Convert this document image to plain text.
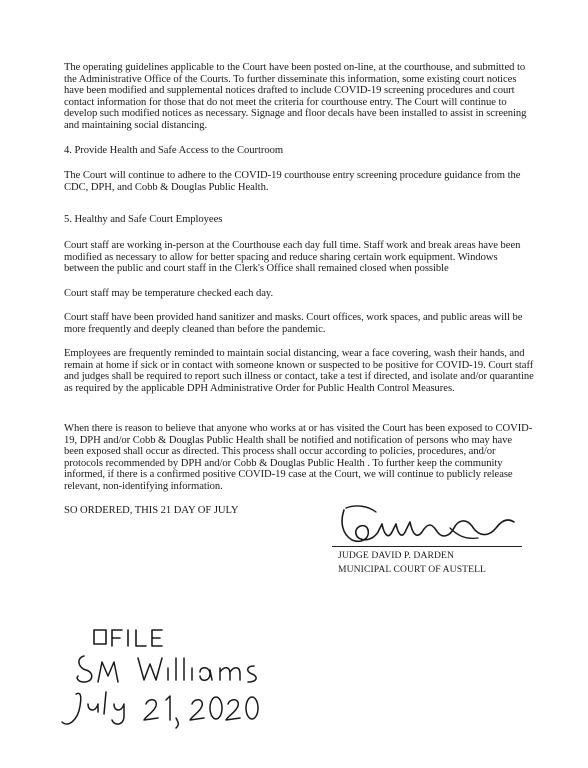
The operating guidelines applicable to the Court have been posted on-line, at the courthouse, and submitted to the Administrative Office of the Courts. To further disseminate this information, some existing court notices have been modified and supplemental notices drafted to include COVID-19 screening procedures and court contact information for those that do not meet the criteria for courthouse entry. The Court will continue to develop such modified notices as necessary. Signage and floor decals have been installed to assist in screening and maintaining social distancing.

4. Provide Health and Safe Access to the Courtroom

The Court will continue to adhere to the COVID-19 courthouse entry screening procedure guidance from the CDC, DPH, and Cobb & Douglas Public Health.

5. Healthy and Safe Court Employees

Court staff are working in-person at the Courthouse each day full time. Staff work and break areas have been modified as necessary to allow for better spacing and reduce sharing certain work equipment. Windows between the public and court staff in the Clerk's Office shall remained closed when possible

Court staff may be temperature checked each day.

Court staff have been provided hand sanitizer and masks. Court offices, work spaces, and public areas will be more frequently and deeply cleaned than before the pandemic.

Employees are frequently reminded to maintain social distancing, wear a face covering, wash their hands, and remain at home if sick or in contact with someone known or suspected to be positive for COVID-19. Court staff and judges shall be required to report such illness or contact, take a test if directed, and isolate and/or quarantine as required by the applicable DPH Administrative Order for Public Health Control Measures.

When there is reason to believe that anyone who works at or has visited the Court has been exposed to COVID-19, DPH and/or Cobb & Douglas Public Health shall be notified and notification of persons who may have been exposed shall occur as directed. This process shall occur according to policies, procedures, and/or protocols recommended by DPH and/or Cobb & Douglas Public Health . To further keep the community informed, if there is a confirmed positive COVID-19 case at the Court, we will continue to publicly release relevant, non-identifying information.

SO ORDERED, THIS 21 DAY OF JULY

JUDGE DAVID P. DARDEN

MUNICIPAL COURT OF AUSTELL
